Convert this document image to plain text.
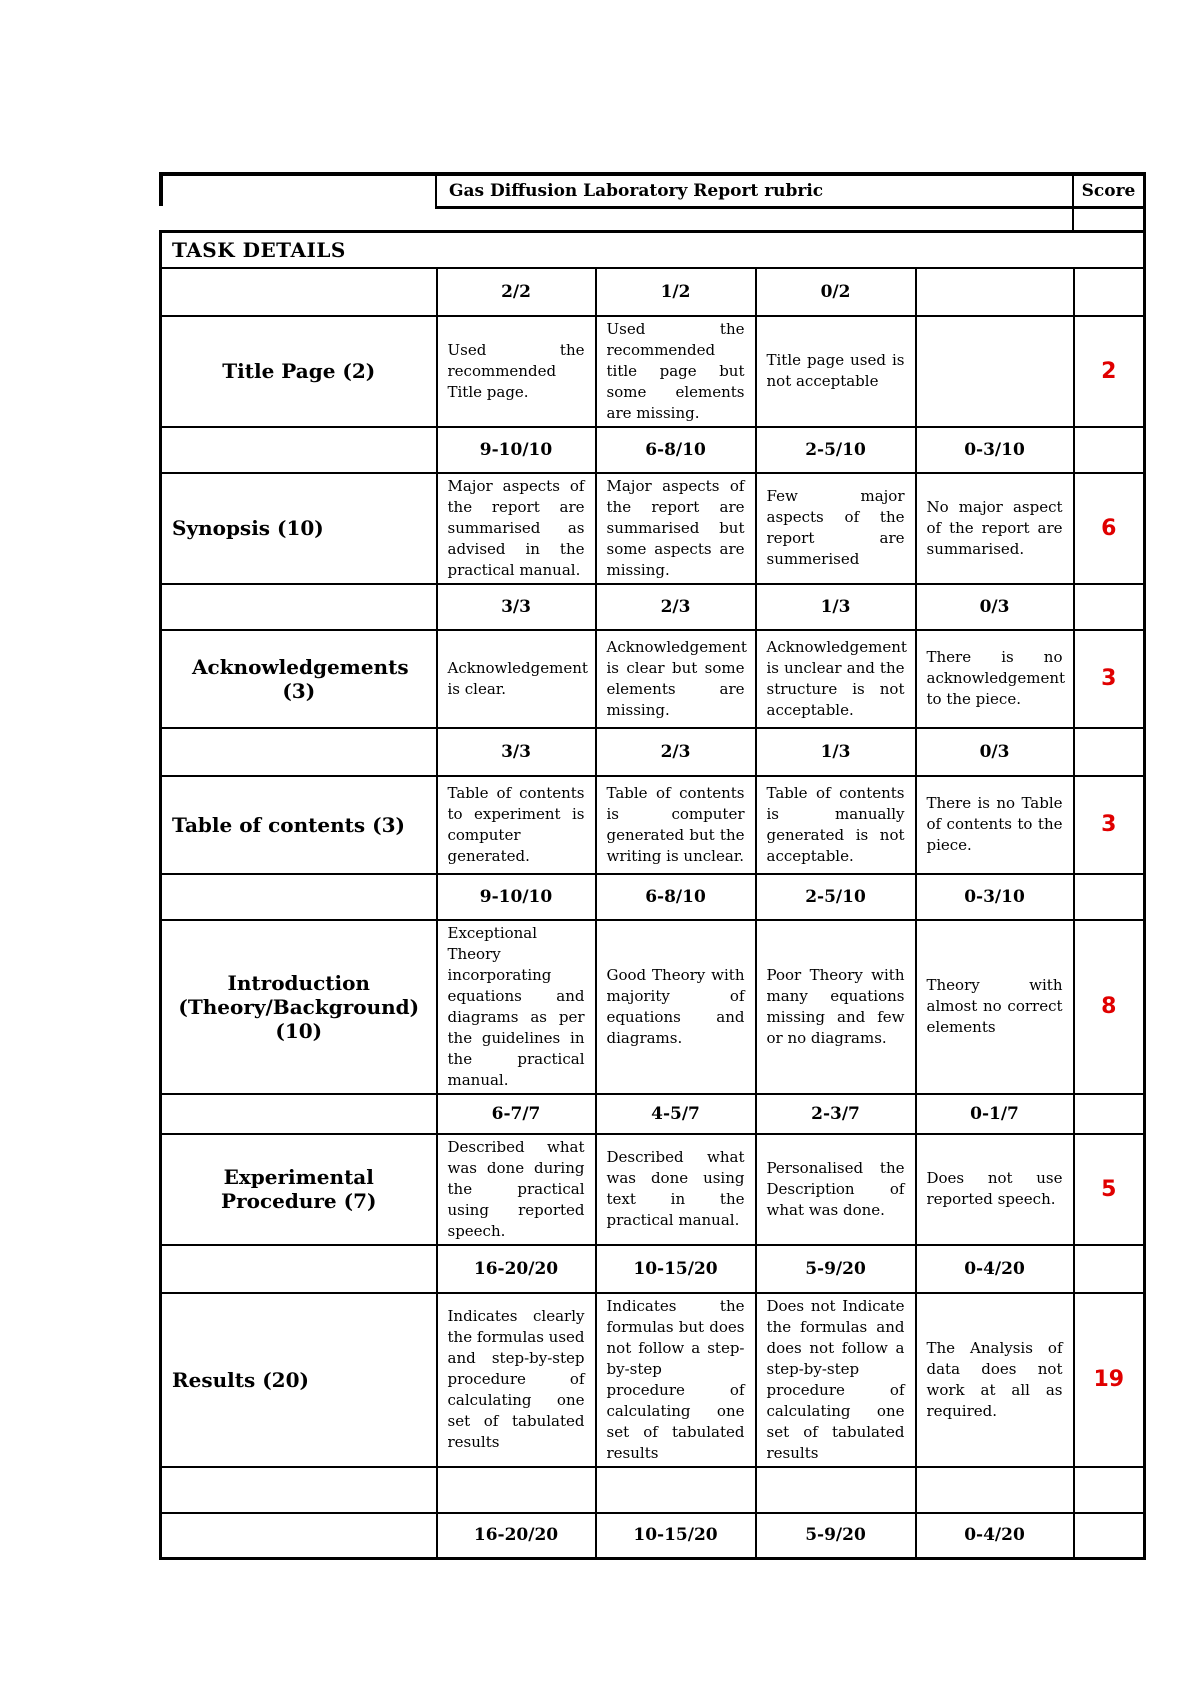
Gas Diffusion Laboratory Report rubric	Score
TASK DETAILS					
	2/2	1/2	0/2		
Title Page (2)	Used the recommended Title page.	Used the recommended title page but some elements are missing.	Title page used is not acceptable		2
	9-10/10	6-8/10	2-5/10	0-3/10	
Synopsis (10)	Major aspects of the report are summarised as advised in the practical manual.	Major aspects of the report are summarised but some aspects are missing.	Few major aspects of the report are summerised	No major aspect of the report are summarised.	6
	3/3	2/3	1/3	0/3	
Acknowledgements (3)	Acknowledgement is clear.	Acknowledgement is clear but some elements are missing.	Acknowledgement is unclear and the structure is not acceptable.	There is no acknowledgement to the piece.	3
	3/3	2/3	1/3	0/3	
Table of contents (3)	Table of contents to experiment is computer generated.	Table of contents is computer generated but the writing is unclear.	Table of contents is manually generated is not acceptable.	There is no Table of contents to the piece.	3
	9-10/10	6-8/10	2-5/10	0-3/10	
Introduction (Theory/Background) (10)	Exceptional Theory incorporating equations and diagrams as per the guidelines in the practical manual.	Good Theory with majority of equations and diagrams.	Poor Theory with many equations missing and few or no diagrams.	Theory with almost no correct elements	8
	6-7/7	4-5/7	2-3/7	0-1/7	
Experimental Procedure (7)	Described what was done during the practical using reported speech.	Described what was done using text in the practical manual.	Personalised the Description of what was done.	Does not use reported speech.	5
	16-20/20	10-15/20	5-9/20	0-4/20	
Results (20)	Indicates clearly the formulas used and step-by-step procedure of calculating one set of tabulated results	Indicates the formulas but does not follow a step-by-step procedure of calculating one set of tabulated results	Does not Indicate the formulas and does not follow a step-by-step procedure of calculating one set of tabulated results	The Analysis of data does not work at all as required.	19

	16-20/20	10-15/20	5-9/20	0-4/20	
